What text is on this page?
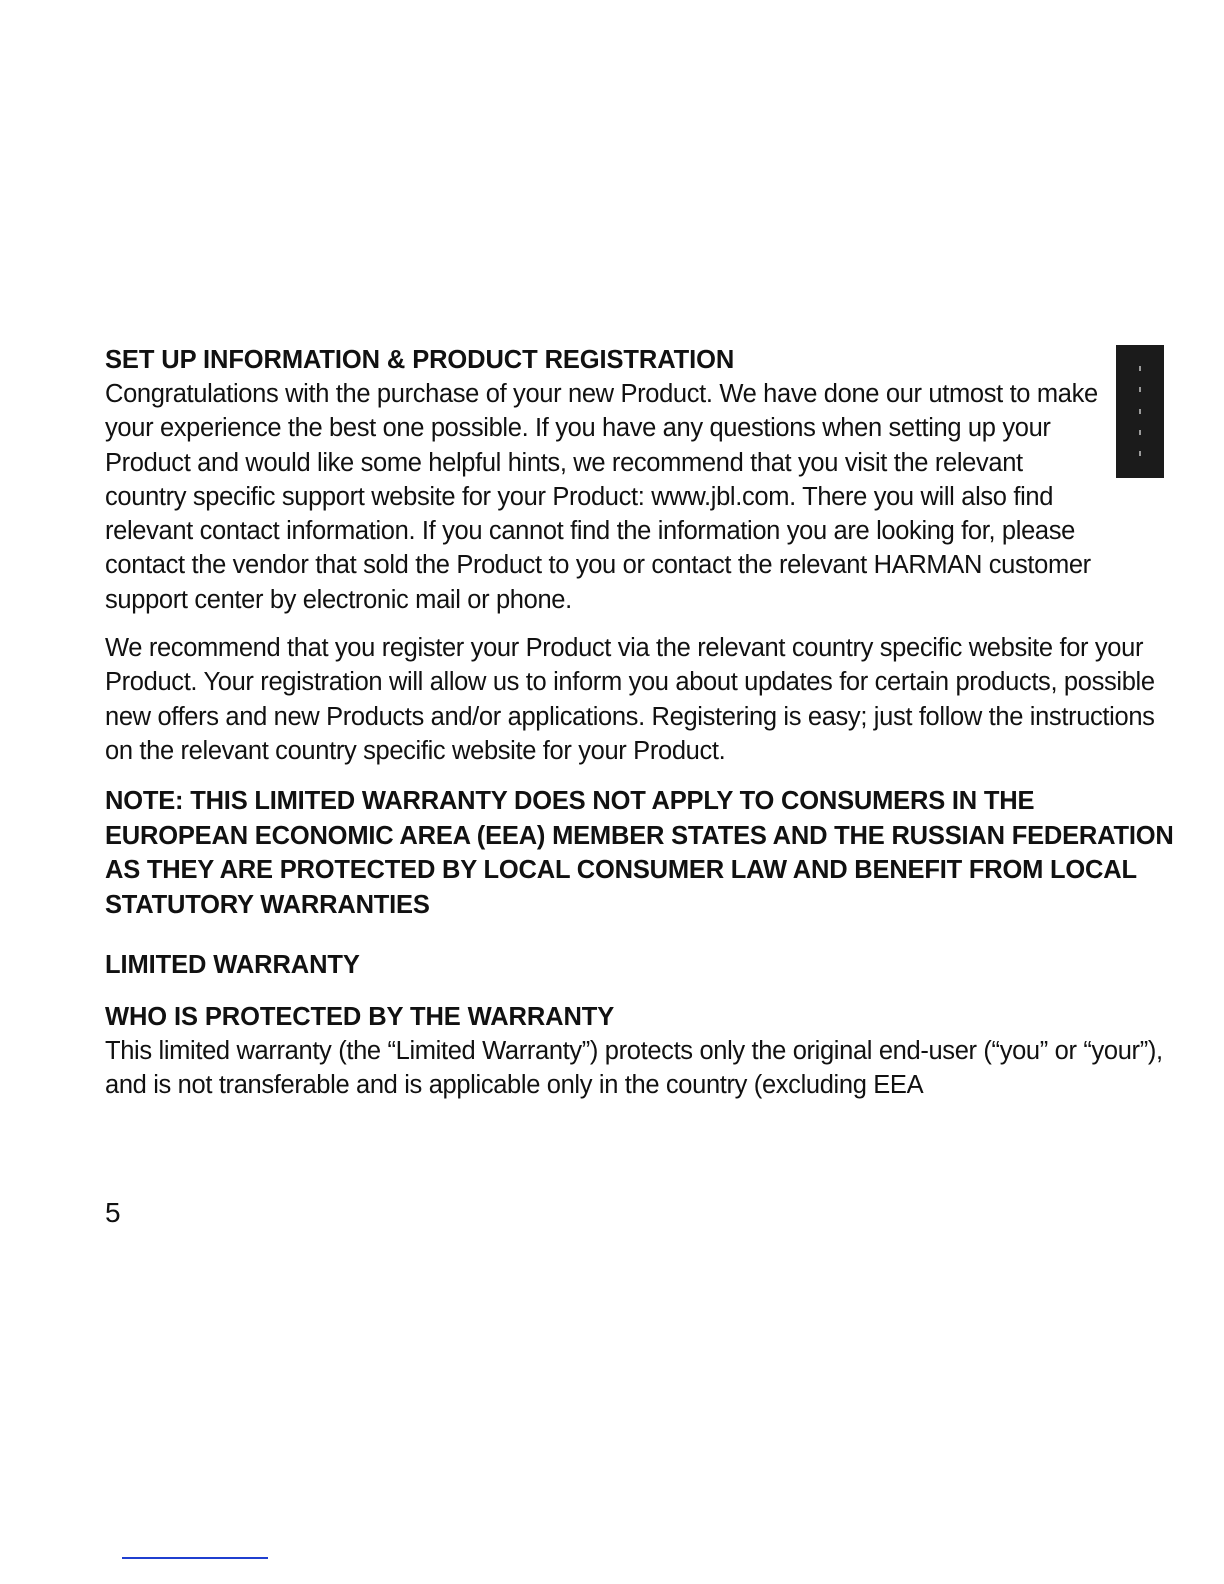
SET UP INFORMATION & PRODUCT REGISTRATION

Congratulations with the purchase of your new Product. We have done our utmost to make your experience the best one possible. If you have any questions when setting up your Product and would like some helpful hints, we recommend that you visit the relevant country specific support website for your Product: www.jbl.com. There you will also find relevant contact information. If you cannot find the information you are looking for, please contact the vendor that sold the Product to you or contact the relevant HARMAN customer support center by electronic mail or phone.

We recommend that you register your Product via the relevant country specific website for your Product. Your registration will allow us to inform you about updates for certain products, possible new offers and new Products and/or applications. Registering is easy; just follow the instructions on the relevant country specific website for your Product.

NOTE: THIS LIMITED WARRANTY DOES NOT APPLY TO CONSUMERS IN THE EUROPEAN ECONOMIC AREA (EEA) MEMBER STATES AND THE RUSSIAN FEDERATION AS THEY ARE PROTECTED BY LOCAL CONSUMER LAW AND BENEFIT FROM LOCAL STATUTORY WARRANTIES

LIMITED WARRANTY
WHO IS PROTECTED BY THE WARRANTY

This limited warranty (the “Limited Warranty”) protects only the original end-user (“you” or “your”), and is not transferable and is applicable only in the country (excluding EEA

5
